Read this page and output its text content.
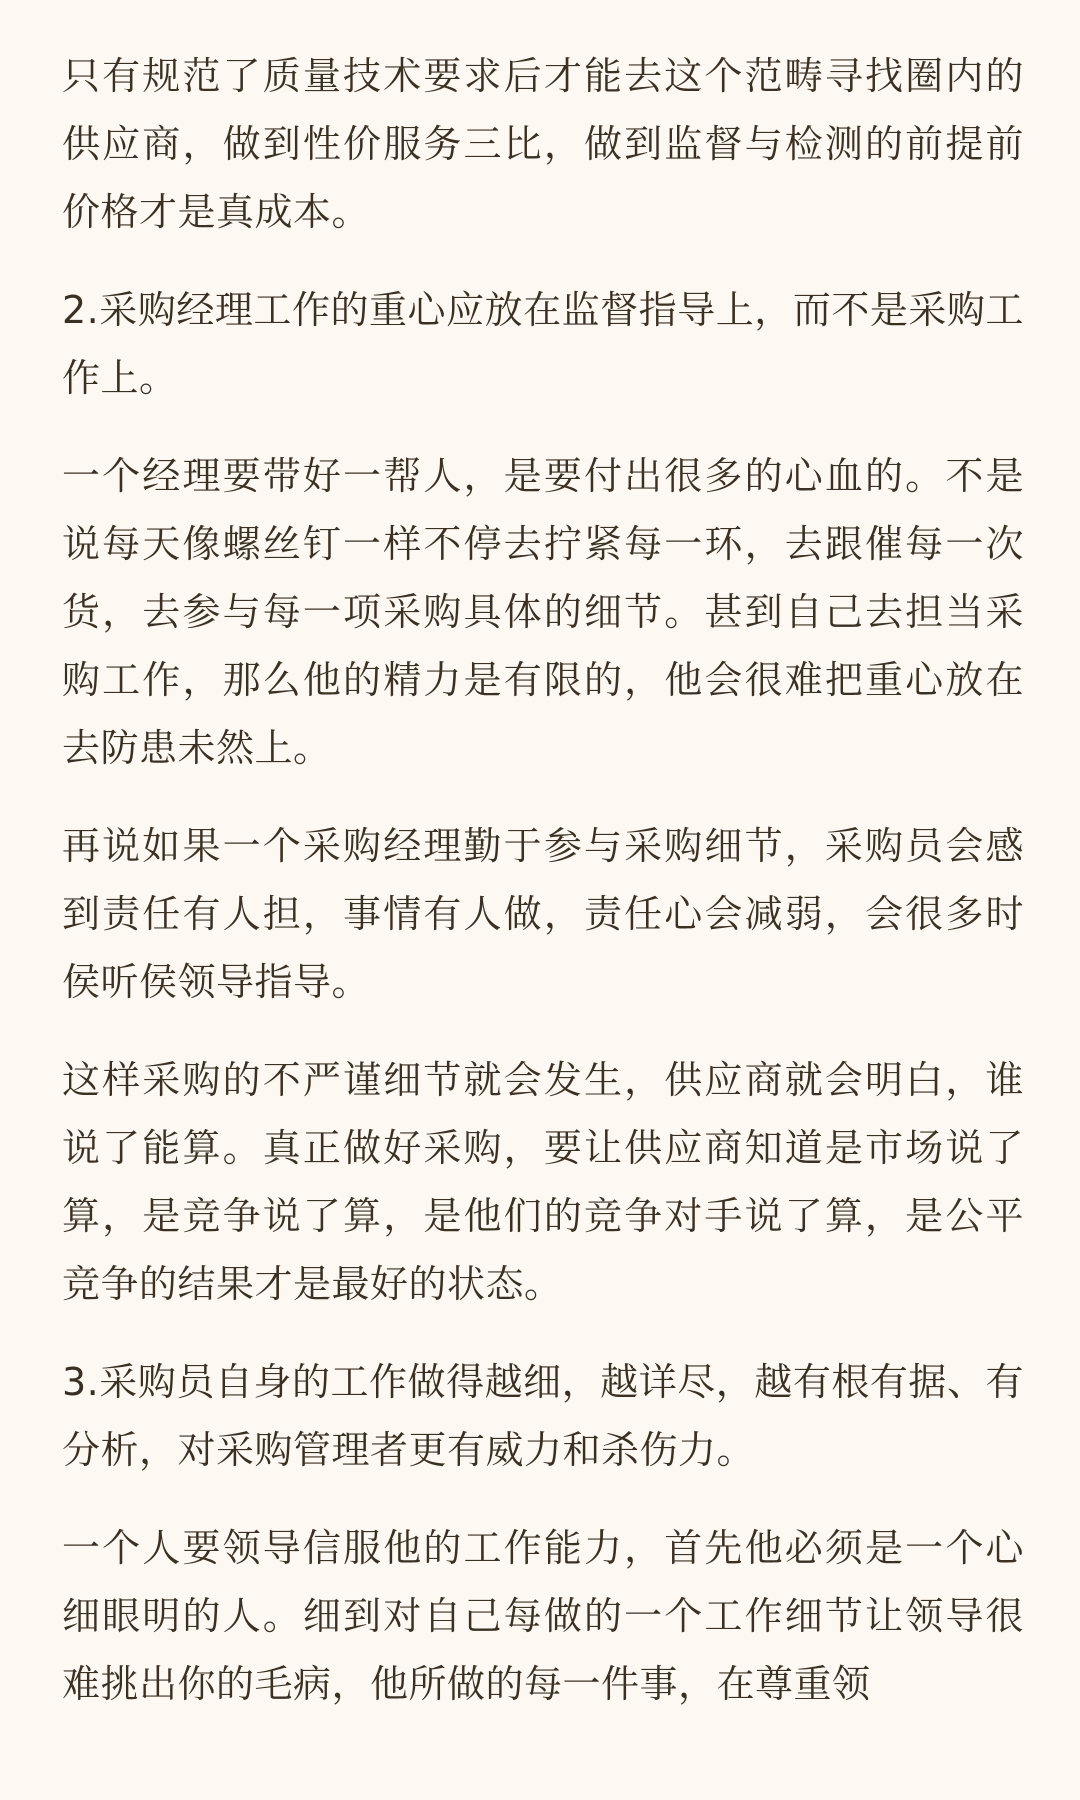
只有规范了质量技术要求后才能去这个范畴寻找圈内的供应商，做到性价服务三比，做到监督与检测的前提前价格才是真成本。

2.采购经理工作的重心应放在监督指导上，而不是采购工作上。

一个经理要带好一帮人，是要付出很多的心血的。不是说每天像螺丝钉一样不停去拧紧每一环，去跟催每一次货，去参与每一项采购具体的细节。甚到自己去担当采购工作，那么他的精力是有限的，他会很难把重心放在去防患未然上。

再说如果一个采购经理勤于参与采购细节，采购员会感到责任有人担，事情有人做，责任心会减弱，会很多时侯听侯领导指导。

这样采购的不严谨细节就会发生，供应商就会明白，谁说了能算。真正做好采购，要让供应商知道是市场说了算，是竞争说了算，是他们的竞争对手说了算，是公平竞争的结果才是最好的状态。

3.采购员自身的工作做得越细，越详尽，越有根有据、有分析，对采购管理者更有威力和杀伤力。

一个人要领导信服他的工作能力，首先他必须是一个心细眼明的人。细到对自己每做的一个工作细节让领导很难挑出你的毛病，他所做的每一件事，在尊重领
